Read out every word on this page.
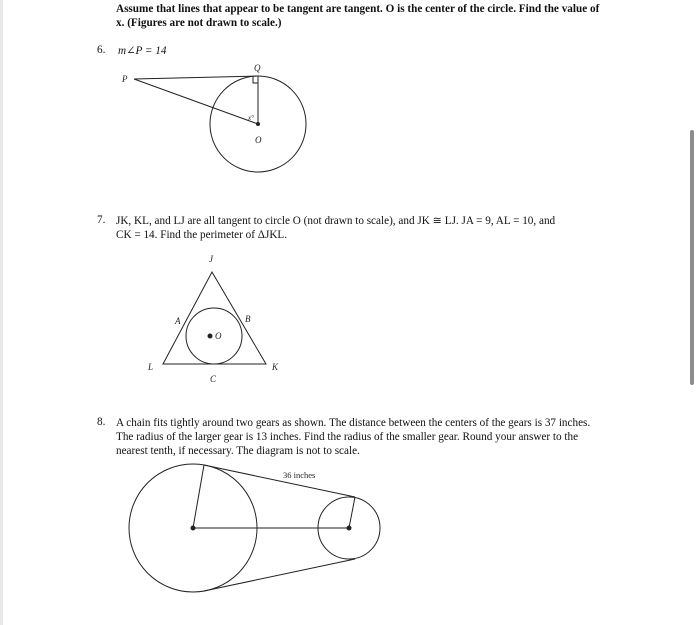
Assume that lines that appear to be tangent are tangent. O is the center of the circle. Find the value of
x. (Figures are not drawn to scale.)
6. m∠P = 14
7. JK, KL, and LJ are all tangent to circle O (not drawn to scale), and JK ≅ LJ. JA = 9, AL = 10, and
CK = 14. Find the perimeter of ΔJKL.
8. A chain fits tightly around two gears as shown. The distance between the centers of the gears is 37 inches.
The radius of the larger gear is 13 inches. Find the radius of the smaller gear. Round your answer to the
nearest tenth, if necessary. The diagram is not to scale.
P
Q
O
x°
J
A	B
O
L
C
K
36 inches
